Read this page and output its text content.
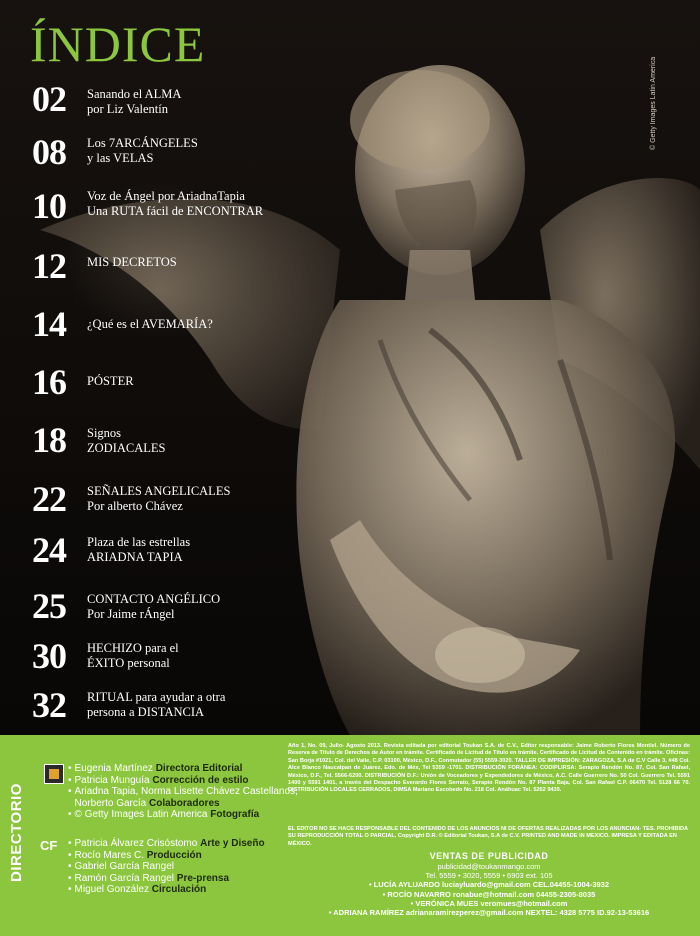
ÍNDICE
© Getty Images Latin America
02	Sanando el ALMA
por Liz Valentín
08	Los 7ARCÁNGELES
y las VELAS
10	Voz de Ángel por AriadnaTapia
Una RUTA fácil de ENCONTRAR
12	MIS DECRETOS
14	¿Qué es el AVEMARÍA?
16	PÓSTER
18	Signos
ZODIACALES
22	SEÑALES ANGELICALES
Por alberto Chávez
24	Plaza de las estrellas
ARIADNA TAPIA
25	CONTACTO ANGÉLICO
Por Jaime rÁngel
30	HECHIZO para el
ÉXITO personal
32	RITUAL para ayudar a otra
persona a DISTANCIA
DIRECTORIO CF
• Eugenia Martínez Directora Editorial
• Patricia Munguía Corrección de estilo
• Ariadna Tapia, Norma Lisette Chávez Castellanos,
Norberto García Colaboradores
• © Getty Images Latin America Fotografía
• Patricia Álvarez Crisóstomo Arte y Diseño
• Rocío Mares C. Producción
• Gabriel García Rangel
• Ramón García Rangel Pre-prensa
• Miguel González Circulación
Año 1, No. 09, Julio- Agosto 2013. Revista editada por editorial Toukan S.A. de C.V., Editor responsable: Jaime Roberto Flores Montiel. Número de Reserva de Título de Derechos de Autor en trámite. Certificado de Licitud de Título en trámite. Certificado de Licitud de Contenido en trámite. Oficinas: San Borja #1021, Col. del Valle, C.P. 03100, México, D.F., Conmutador (55) 5559-3020. TALLER DE IMPRESIÓN: ZARAGOZA, S.A de C.V Calle 3, #48 Col. Alce Blanco Naucalpan de Juárez, Edo. de Méx, Tel 5359 -1701. DISTRIBUCIÓN FORÁNEA: CODIPLIRSA: Serapio Rendón No. 87, Col. San Rafael, México, D.F., Tel. 5566-6200. DISTRIBUCIÓN D.F.: Unión de Voceadores y Expendedores de México, A.C. Calle Guerrero No. 50 Col. Guerrero Tel. 5591 1400 y 5591 1401, a través del Despacho Everardo Flores Serrato, Serapio Rendón No. 87 Planta Baja, Col. San Rafael C.P. 06470 Tel. 5128 66 70. DISTRIBUCIÓN LOCALES CERRADOS, DIMSA Mariano Escobedo No. 218 Col. Anáhuac Tel. 5262 9439.
EL EDITOR NO SE HACE RESPONSABLE DEL CONTENIDO DE LOS ANUNCIOS NI DE OFERTAS REALIZADAS POR LOS ANUNCIAN- TES. PROHIBIDA SU REPRODUCCIÓN TOTAL O PARCIAL. Copyright D.R. © Editorial Toukan, S.A de C.V. PRINTED AND MADE IN MEXICO. IMPRESA Y EDITADA EN MÉXICO.
VENTAS DE PUBLICIDAD
publicidad@toukanmango.com
Tel. 5559 • 3020, 5559 • 6903 ext. 105
• LUCÍA AYLUARDO luciayluardo@gmail.com CEL.04455-1004-3932
• ROCÍO NAVARRO ronabue@hotmail.com 04455-2305-8035
• VERÓNICA MUES veromues@hotmail.com
• ADRIANA RAMÍREZ adrianaramirezperez@gmail.com NEXTEL: 4328 5775 ID.92-13-53616
